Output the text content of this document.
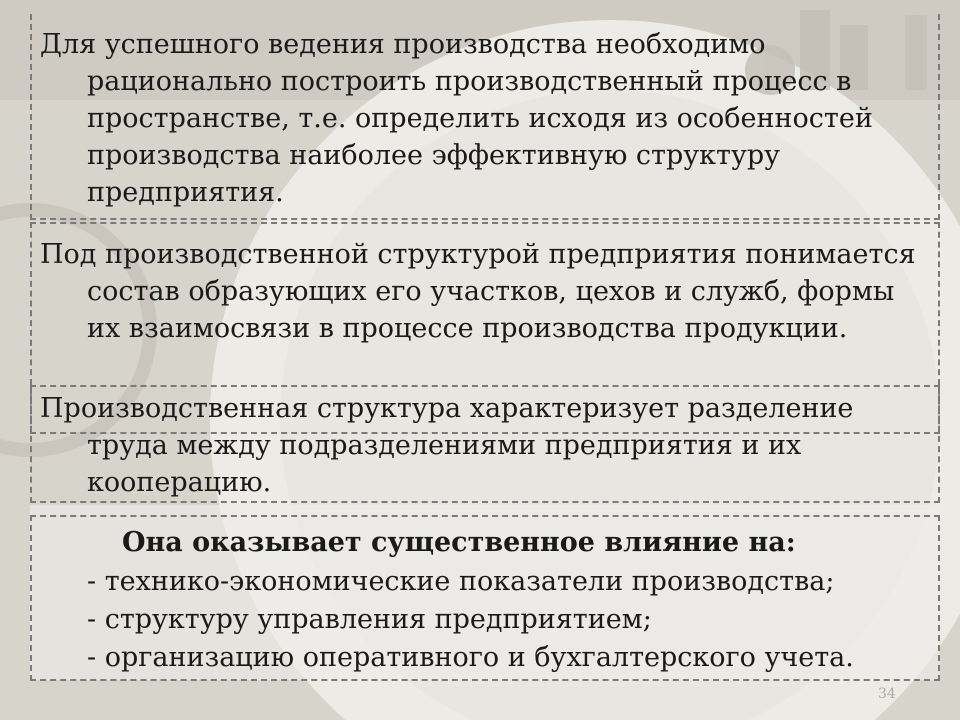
Для успешного ведения производства необходимо рационально построить производственный процесс в пространстве, т.е. определить исходя из особенностей производства наиболее эффективную структуру предприятия.

Под производственной структурой предприятия понимается состав образующих его участков, цехов и служб, формы их взаимосвязи в процессе производства продукции.

Производственная структура характеризует разделение труда между подразделениями предприятия и их кооперацию.

Она оказывает существенное влияние на:
- технико-экономические показатели производства;
- структуру управления предприятием;
- организацию оперативного и бухгалтерского учета.
34
